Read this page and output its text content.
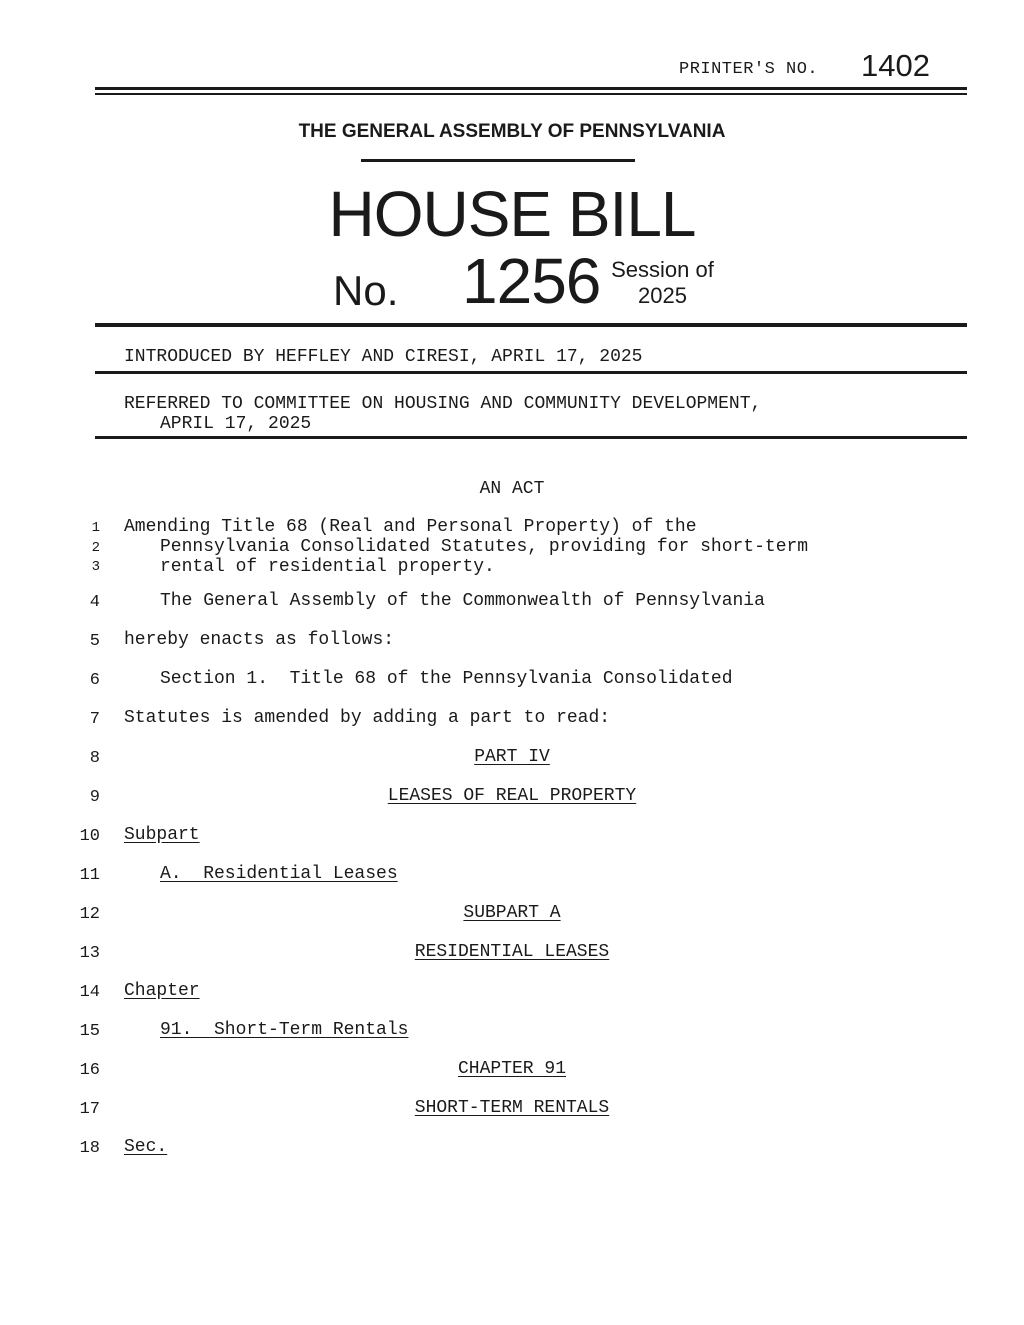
PRINTER'S NO. 1402
THE GENERAL ASSEMBLY OF PENNSYLVANIA
HOUSE BILL
No. 1256 Session of
2025
INTRODUCED BY HEFFLEY AND CIRESI, APRIL 17, 2025
REFERRED TO COMMITTEE ON HOUSING AND COMMUNITY DEVELOPMENT,
APRIL 17, 2025
AN ACT
1 Amending Title 68 (Real and Personal Property) of the
2	Pennsylvania Consolidated Statutes, providing for short-term
3	rental of residential property.
4	The General Assembly of the Commonwealth of Pennsylvania
5 hereby enacts as follows:
6	Section 1.  Title 68 of the Pennsylvania Consolidated
7 Statutes is amended by adding a part to read:
8	PART IV
9	LEASES OF REAL PROPERTY
10 Subpart
11	A.  Residential Leases
12	SUBPART A
13	RESIDENTIAL LEASES
14 Chapter
15	91.  Short-Term Rentals
16	CHAPTER 91
17	SHORT-TERM RENTALS
18 Sec.
